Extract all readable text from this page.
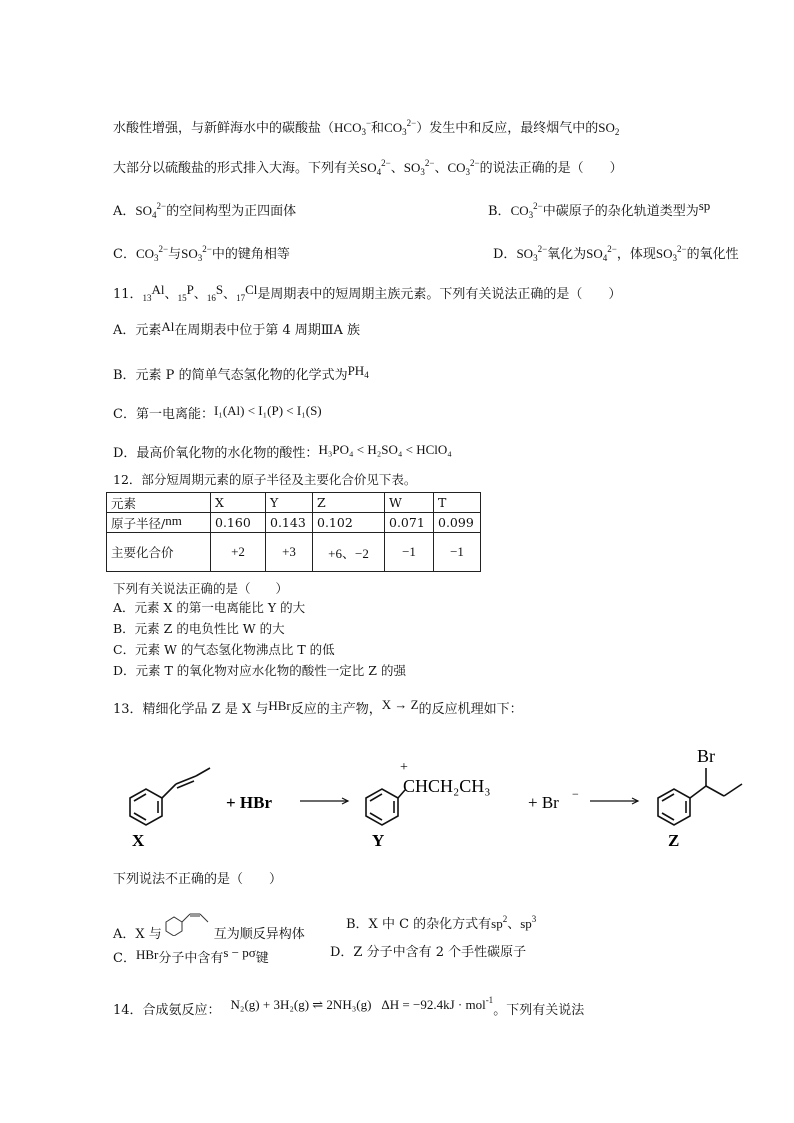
水酸性增强，与新鲜海水中的碳酸盐（$HCO_3^-$和$CO_3^{2-}$）发生中和反应，最终烟气中的$SO_2$
大部分以硫酸盐的形式排入大海。下列有关$SO_4^{2-}$、$SO_3^{2-}$、$CO_3^{2-}$的说法正确的是（　　）
A．$SO_4^{2-}$的空间构型为正四面体	B．$CO_3^{2-}$中碳原子的杂化轨道类型为sp
C．$CO_3^{2-}$与$SO_3^{2-}$中的键角相等	D．$SO_3^{2-}$氧化为$SO_4^{2-}$，体现$SO_3^{2-}$的氧化性
11．$_{13}$Al、$_{15}$P、$_{16}$S、$_{17}$Cl是周期表中的短周期主族元素。下列有关说法正确的是（　　）
A．元素Al在周期表中位于第 4 周期ⅢA 族
B．元素 P 的简单气态氢化物的化学式为$PH_4$
C．第一电离能：I₁(Al) < I₁(P) < I₁(S)
D．最高价氧化物的水化物的酸性：H₃PO₄ < H₂SO₄ < HClO₄
12．部分短周期元素的原子半径及主要化合价见下表。
元素	X	Y	Z	W	T
原子半径/nm	0.160	0.143	0.102	0.071	0.099
主要化合价	+2	+3	+6、−2	−1	−1
下列有关说法正确的是（　　）
A．元素 X 的第一电离能比 Y 的大
B．元素 Z 的电负性比 W 的大
C．元素 W 的气态氢化物沸点比 T 的低
D．元素 T 的氧化物对应水化物的酸性一定比 Z 的强
13．精细化学品 Z 是 X 与HBr反应的主产物，X → Z的反应机理如下：
X
+ HBr
+
CHCH₂CH₃
Y
+ Br −
Br
Z
下列说法不正确的是（　　）
A．X 与	互为顺反异构体
B．X 中 C 的杂化方式有$sp^2$、$sp^3$
C．HBr分子中含有s − pσ键	D．Z 分子中含有 2 个手性碳原子
14．合成氨反应： N₂(g) + 3H₂(g) ⇌ 2NH₃(g) ΔH = −92.4kJ · mol$^{-1}$。下列有关说法
